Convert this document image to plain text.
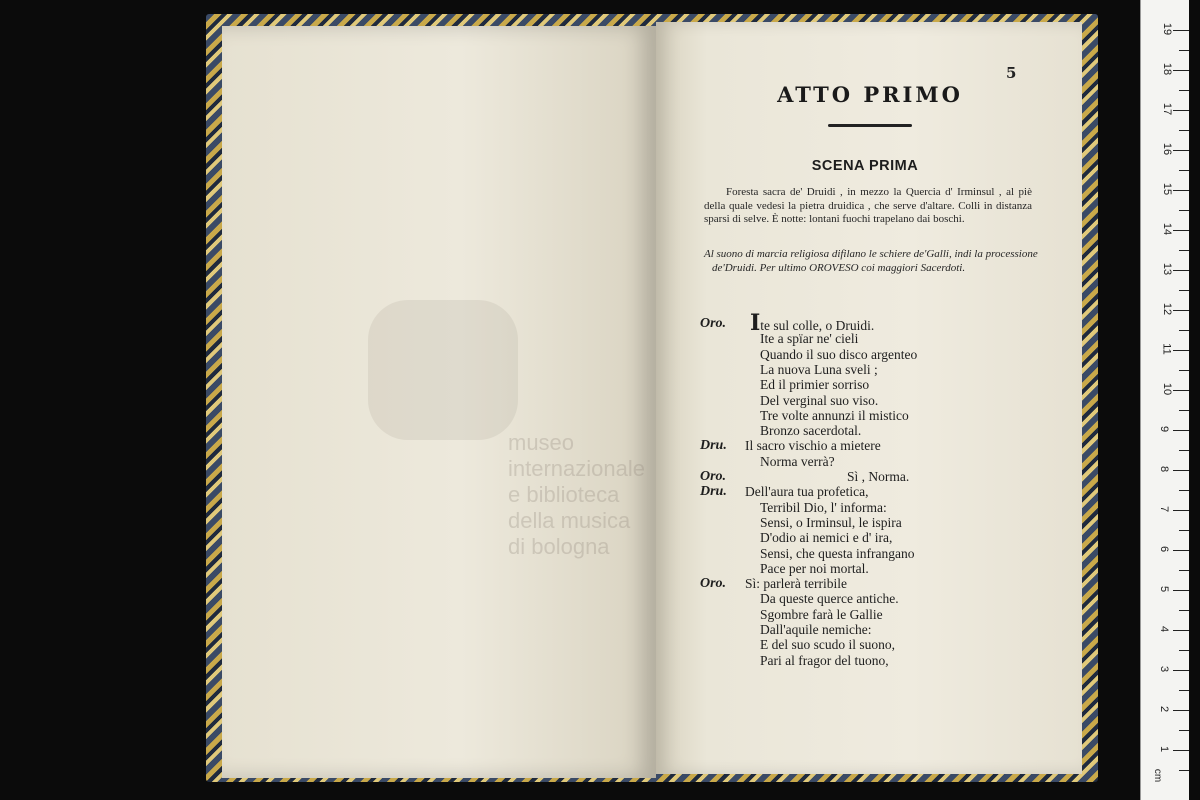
museo internazionale
e biblioteca della musica
di bologna
5
ATTO PRIMO
SCENA PRIMA
Foresta sacra de' Druidi , in mezzo la Quercia d' Irminsul , al piè della quale vedesi la pietra druidica , che serve d'altare. Colli in distanza sparsi di selve. È notte: lontani fuochi trapelano dai boschi.
Al suono di marcia religiosa difilano le schiere de'Galli, indi la processione de'Druidi. Per ultimo OROVESO coi maggiori Sacerdoti.
Oro. Ite sul colle, o Druidi.
Ite a spïar ne' cieli
Quando il suo disco argenteo
La nuova Luna sveli ;
Ed il primier sorriso
Del verginal suo viso.
Tre volte annunzi il mistico
Bronzo sacerdotal.
Dru. Il sacro vischio a mietere
Norma verrà?
Oro.	Sì , Norma.
Dru. Dell'aura tua profetica,
Terribil Dio, l' informa:
Sensi, o Irminsul, le ispira
D'odio ai nemici e d' ira,
Sensi, che questa infrangano
Pace per noi mortal.
Oro. Sì: parlerà terribile
Da queste querce antiche.
Sgombre farà le Gallie
Dall'aquile nemiche:
E del suo scudo il suono,
Pari al fragor del tuono,
cm
19
18
17
16
15
14
13
12
11
10
9
8
7
6
5
4
3
2
1
